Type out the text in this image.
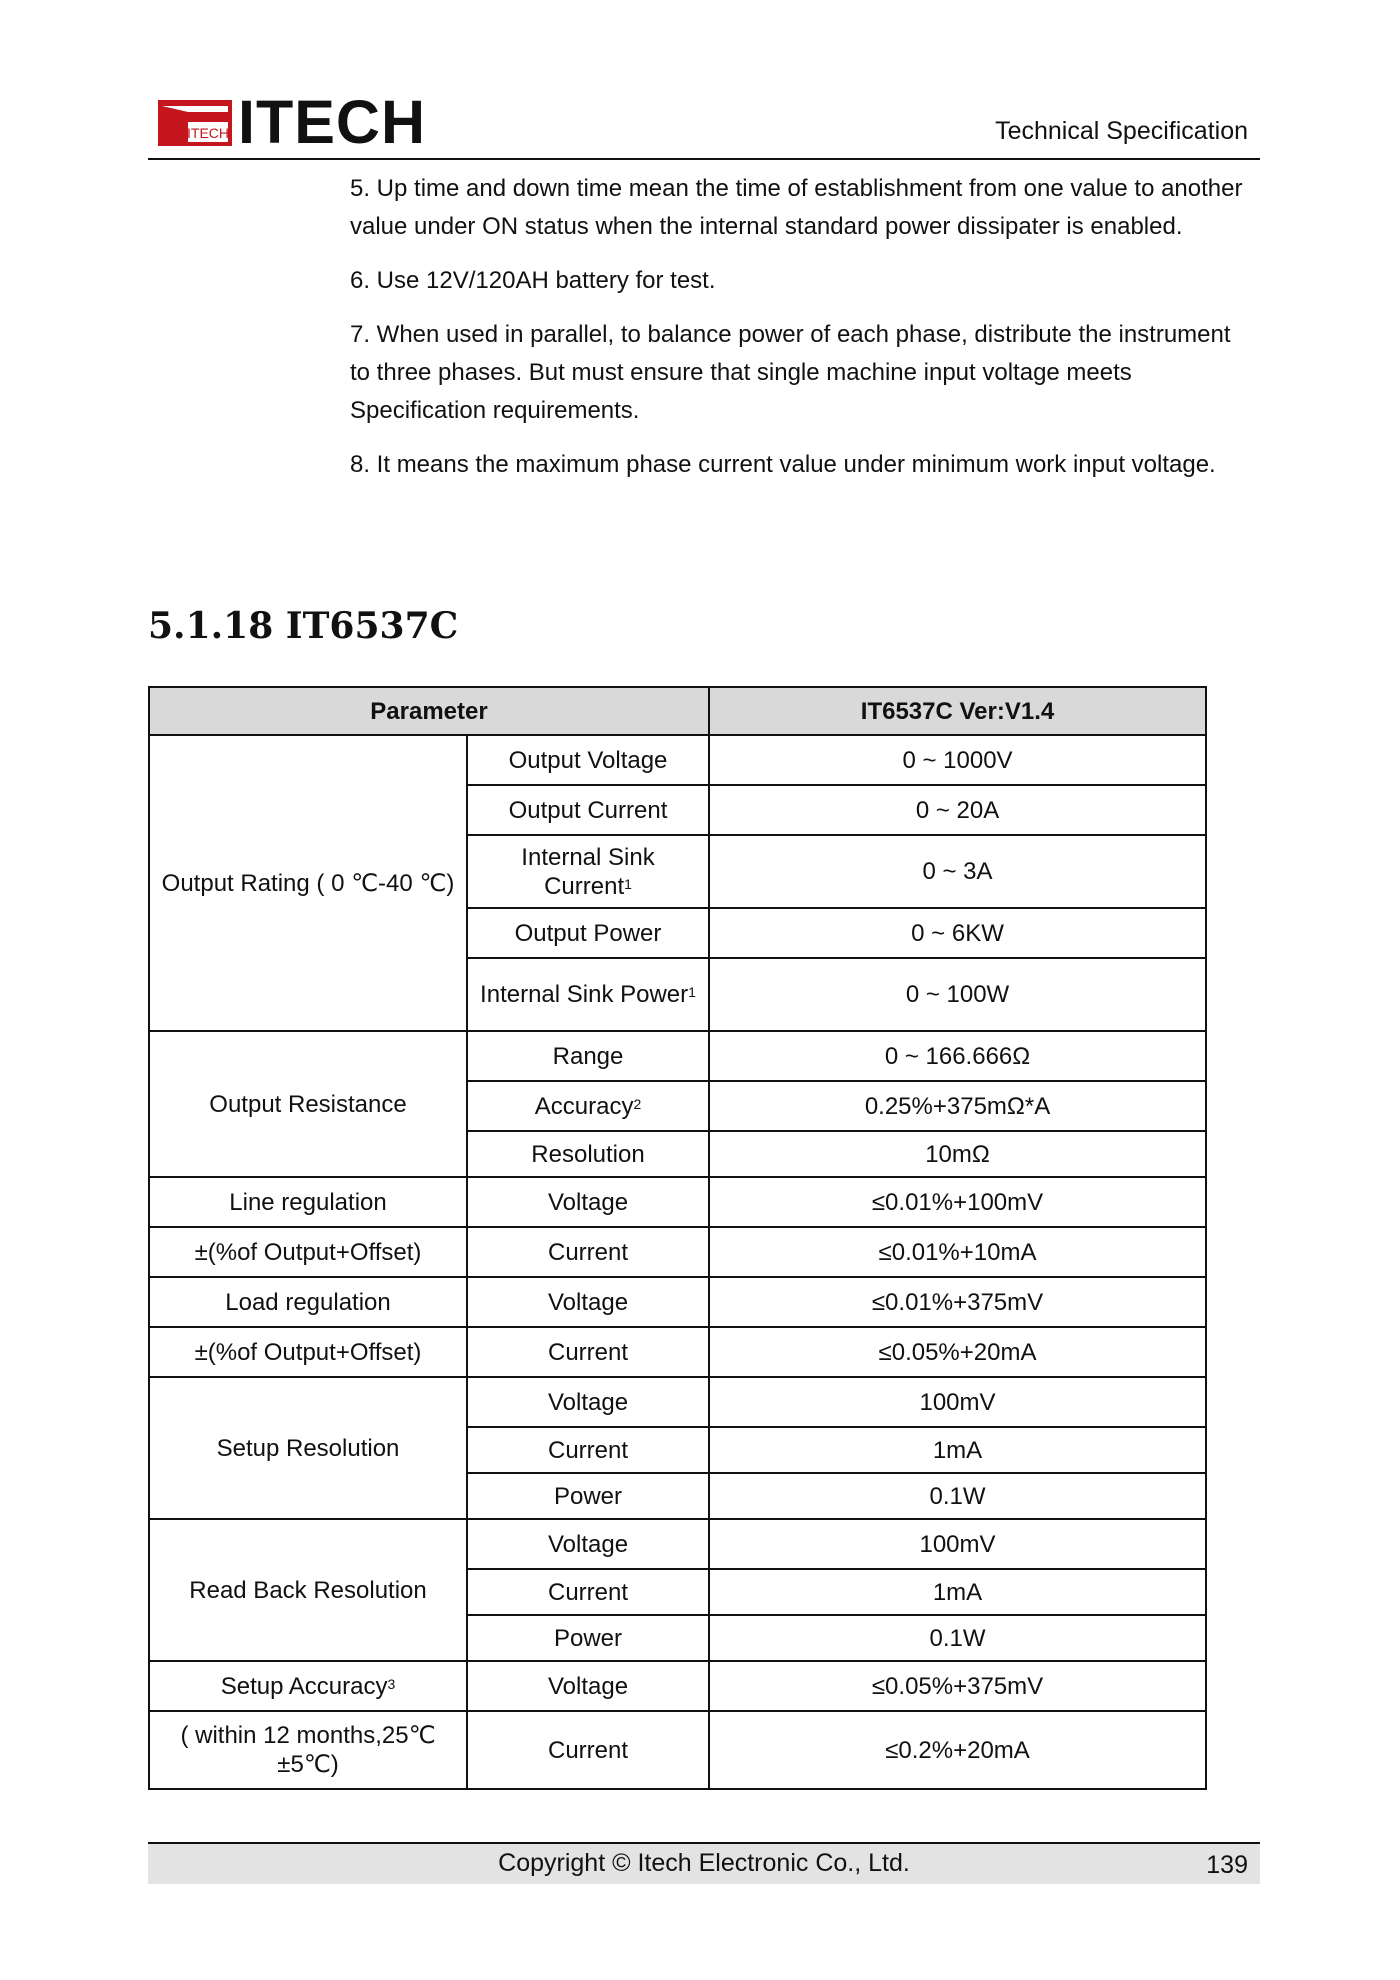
ITECH ITECH	Technical Specification

5. Up time and down time mean the time of establishment from one value to another value under ON status when the internal standard power dissipater is enabled.

6. Use 12V/120AH battery for test.

7. When used in parallel, to balance power of each phase, distribute the instrument to three phases. But must ensure that single machine input voltage meets Specification requirements.

8. It means the maximum phase current value under minimum work input voltage.

5.1.18 IT6537C
Parameter		IT6537C Ver:V1.4
Output Rating ( 0 ℃-40 ℃)	Output Voltage	0 ~ 1000V
	Output Current	0 ~ 20A
	Internal Sink Current$^1$	0 ~ 3A
	Output Power	0 ~ 6KW
	Internal Sink Power$^1$	0 ~ 100W
Output Resistance	Range	0 ~ 166.666Ω
	Accuracy$^2$	0.25%+375mΩ*A
	Resolution	10mΩ
Line regulation	Voltage	≤0.01%+100mV
±(%of Output+Offset)	Current	≤0.01%+10mA
Load regulation	Voltage	≤0.01%+375mV
±(%of Output+Offset)	Current	≤0.05%+20mA
Setup Resolution	Voltage	100mV
	Current	1mA
	Power	0.1W
Read Back Resolution	Voltage	100mV
	Current	1mA
	Power	0.1W
Setup Accuracy$^3$	Voltage	≤0.05%+375mV
( within 12 months,25℃ ±5℃)	Current	≤0.2%+20mA
Copyright © Itech Electronic Co., Ltd.	139
